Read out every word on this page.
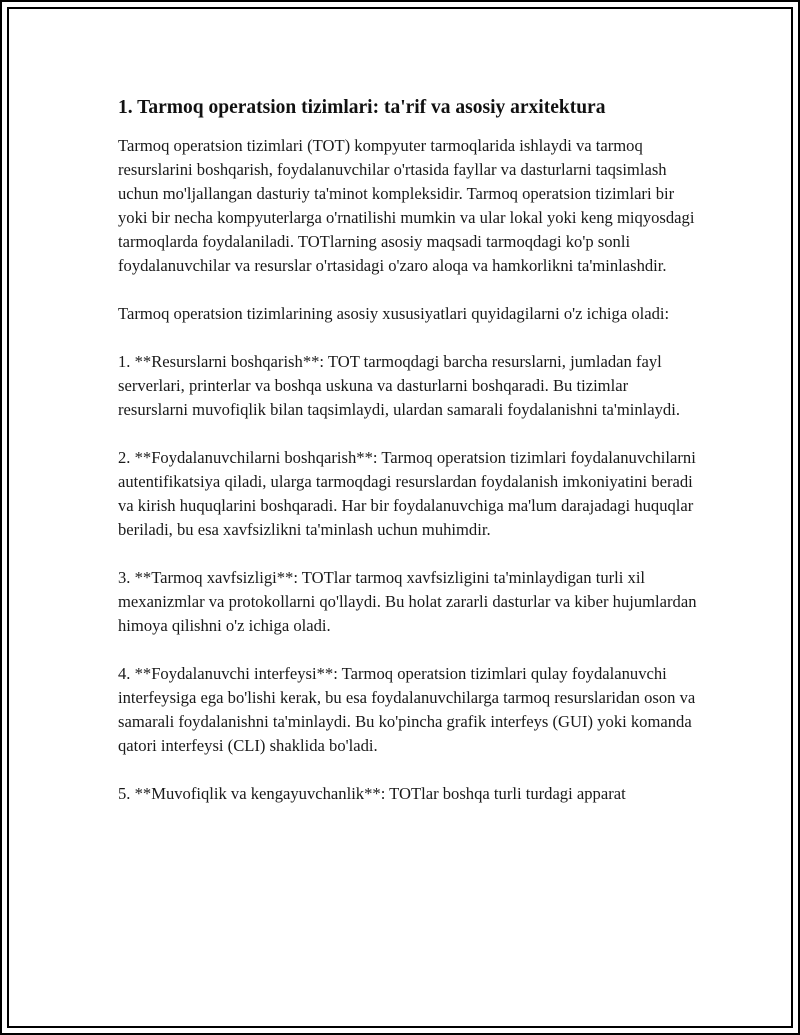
1. Tarmoq operatsion tizimlari: ta'rif va asosiy arxitektura

Tarmoq operatsion tizimlari (TOT) kompyuter tarmoqlarida ishlaydi va tarmoq resurslarini boshqarish, foydalanuvchilar o'rtasida fayllar va dasturlarni taqsimlash uchun mo'ljallangan dasturiy ta'minot kompleksidir. Tarmoq operatsion tizimlari bir yoki bir necha kompyuterlarga o'rnatilishi mumkin va ular lokal yoki keng miqyosdagi tarmoqlarda foydalaniladi. TOTlarning asosiy maqsadi tarmoqdagi ko'p sonli foydalanuvchilar va resurslar o'rtasidagi o'zaro aloqa va hamkorlikni ta'minlashdir.

Tarmoq operatsion tizimlarining asosiy xususiyatlari quyidagilarni o'z ichiga oladi:

1. **Resurslarni boshqarish**: TOT tarmoqdagi barcha resurslarni, jumladan fayl serverlari, printerlar va boshqa uskuna va dasturlarni boshqaradi. Bu tizimlar resurslarni muvofiqlik bilan taqsimlaydi, ulardan samarali foydalanishni ta'minlaydi.

2. **Foydalanuvchilarni boshqarish**: Tarmoq operatsion tizimlari foydalanuvchilarni autentifikatsiya qiladi, ularga tarmoqdagi resurslardan foydalanish imkoniyatini beradi va kirish huquqlarini boshqaradi. Har bir foydalanuvchiga ma'lum darajadagi huquqlar beriladi, bu esa xavfsizlikni ta'minlash uchun muhimdir.

3. **Tarmoq xavfsizligi**: TOTlar tarmoq xavfsizligini ta'minlaydigan turli xil mexanizmlar va protokollarni qo'llaydi. Bu holat zararli dasturlar va kiber hujumlardan himoya qilishni o'z ichiga oladi.

4. **Foydalanuvchi interfeysi**: Tarmoq operatsion tizimlari qulay foydalanuvchi interfeysiga ega bo'lishi kerak, bu esa foydalanuvchilarga tarmoq resurslaridan oson va samarali foydalanishni ta'minlaydi. Bu ko'pincha grafik interfeys (GUI) yoki komanda qatori interfeysi (CLI) shaklida bo'ladi.

5. **Muvofiqlik va kengayuvchanlik**: TOTlar boshqa turli turdagi apparat
